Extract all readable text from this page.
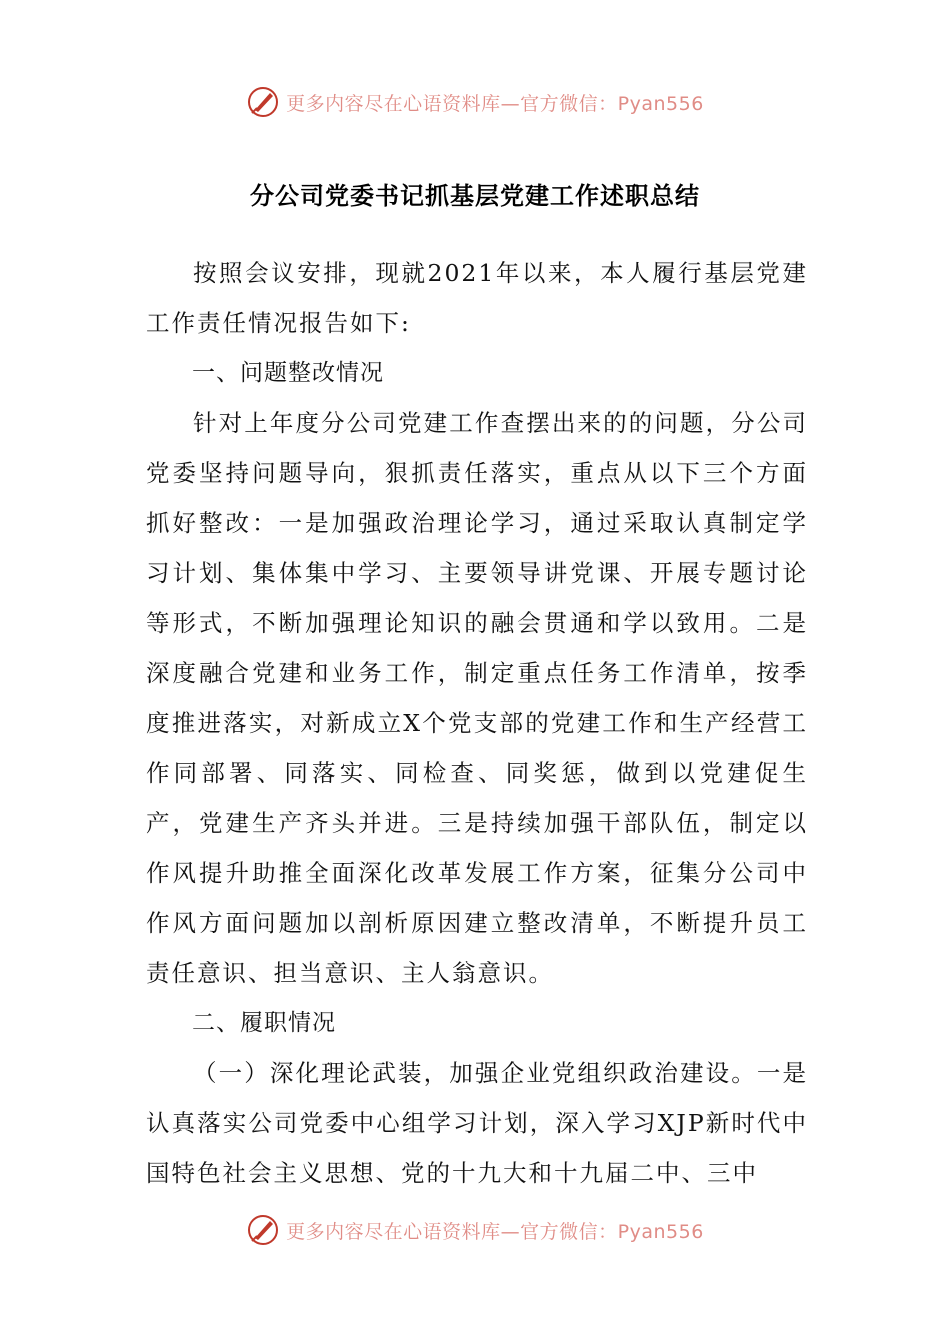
更多内容尽在心语资料库—官方微信：Pyan556
分公司党委书记抓基层党建工作述职总结

按照会议安排，现就2021年以来，本人履行基层党建工作责任情况报告如下:

一、问题整改情况

针对上年度分公司党建工作查摆出来的的问题，分公司党委坚持问题导向，狠抓责任落实，重点从以下三个方面抓好整改：一是加强政治理论学习，通过采取认真制定学习计划、集体集中学习、主要领导讲党课、开展专题讨论等形式，不断加强理论知识的融会贯通和学以致用。二是深度融合党建和业务工作，制定重点任务工作清单，按季度推进落实，对新成立X个党支部的党建工作和生产经营工作同部署、同落实、同检查、同奖惩，做到以党建促生产，党建生产齐头并进。三是持续加强干部队伍，制定以作风提升助推全面深化改革发展工作方案，征集分公司中作风方面问题加以剖析原因建立整改清单，不断提升员工责任意识、担当意识、主人翁意识。

二、履职情况

（一）深化理论武装，加强企业党组织政治建设。一是认真落实公司党委中心组学习计划，深入学习XJP新时代中国特色社会主义思想、党的十九大和十九届二中、三中

更多内容尽在心语资料库—官方微信：Pyan556
